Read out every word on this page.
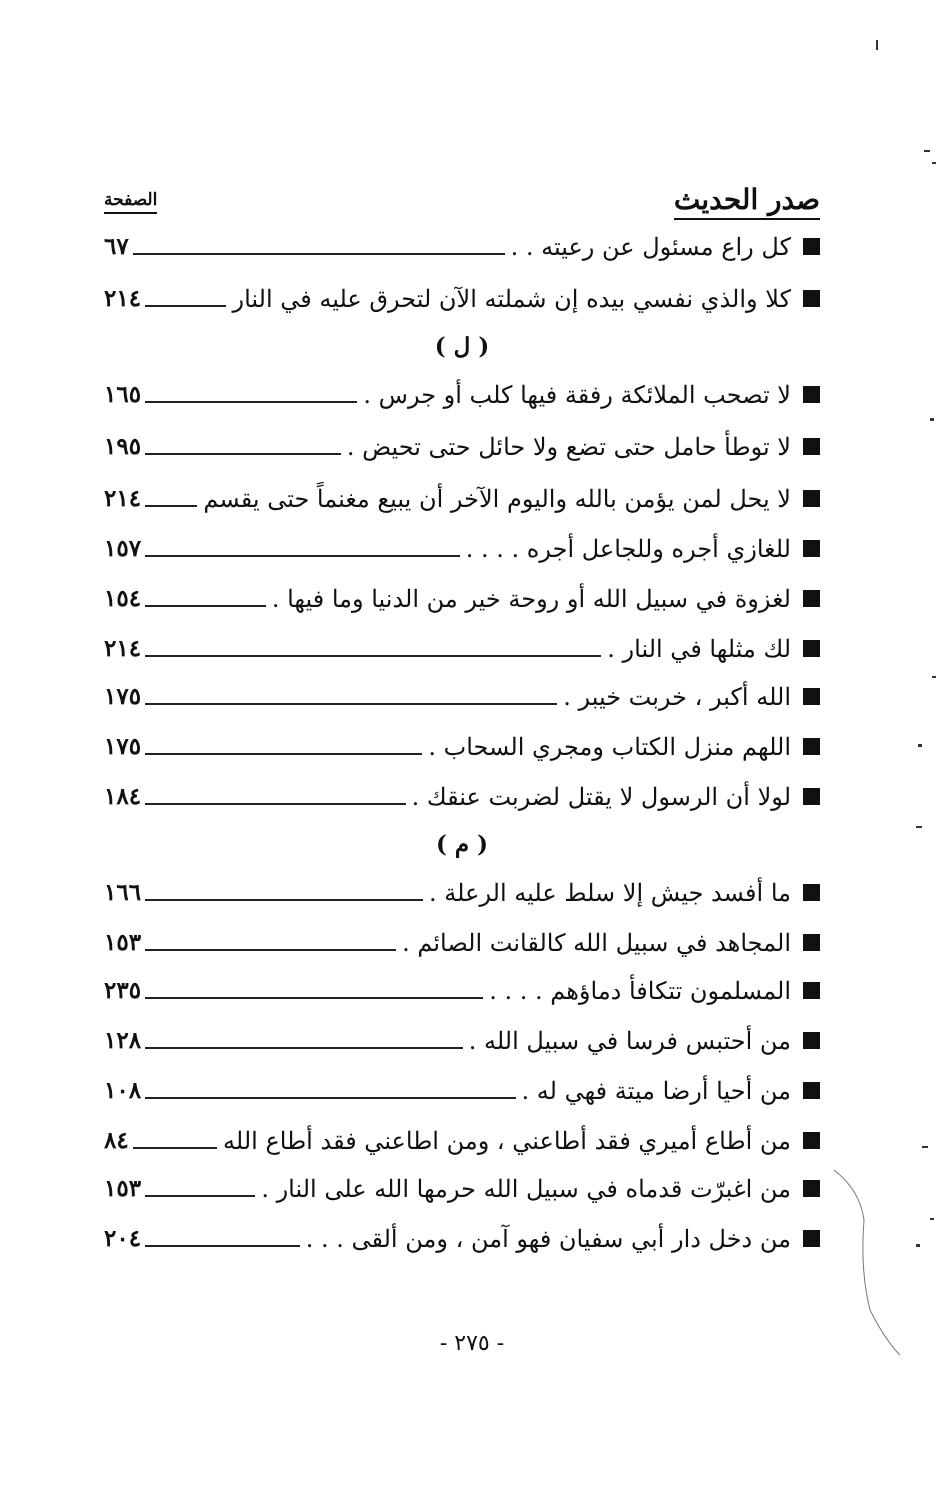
صدر الحديث
الصفحة
كل راع مسئول عن رعيته . .
٦٧
كلا والذي نفسي بيده إن شملته الآن لتحرق عليه في النار
٢١٤
( ل )
لا تصحب الملائكة رفقة فيها كلب أو جرس .
١٦٥
لا توطأ حامل حتى تضع ولا حائل حتى تحيض .
١٩٥
لا يحل لمن يؤمن بالله واليوم الآخر أن يبيع مغنماً حتى يقسم
٢١٤
للغازي أجره وللجاعل أجره . . . .
١٥٧
لغزوة في سبيل الله أو روحة خير من الدنيا وما فيها .
١٥٤
لك مثلها في النار .
٢١٤
الله أكبر ، خربت خيبر .
١٧٥
اللهم منزل الكتاب ومجري السحاب .
١٧٥
لولا أن الرسول لا يقتل لضربت عنقك .
١٨٤
( م )
ما أفسد جيش إلا سلط عليه الرعلة .
١٦٦
المجاهد في سبيل الله كالقانت الصائم .
١٥٣
المسلمون تتكافأ دماؤهم . . . .
٢٣٥
من أحتبس فرسا في سبيل الله .
١٢٨
من أحيا أرضا ميتة فهي له .
١٠٨
من أطاع أميري فقد أطاعني ، ومن اطاعني فقد أطاع الله
٨٤
من اغبرّت قدماه في سبيل الله حرمها الله على النار .
١٥٣
من دخل دار أبي سفيان فهو آمن ، ومن ألقى . . .
٢٠٤
- ٢٧٥ -
